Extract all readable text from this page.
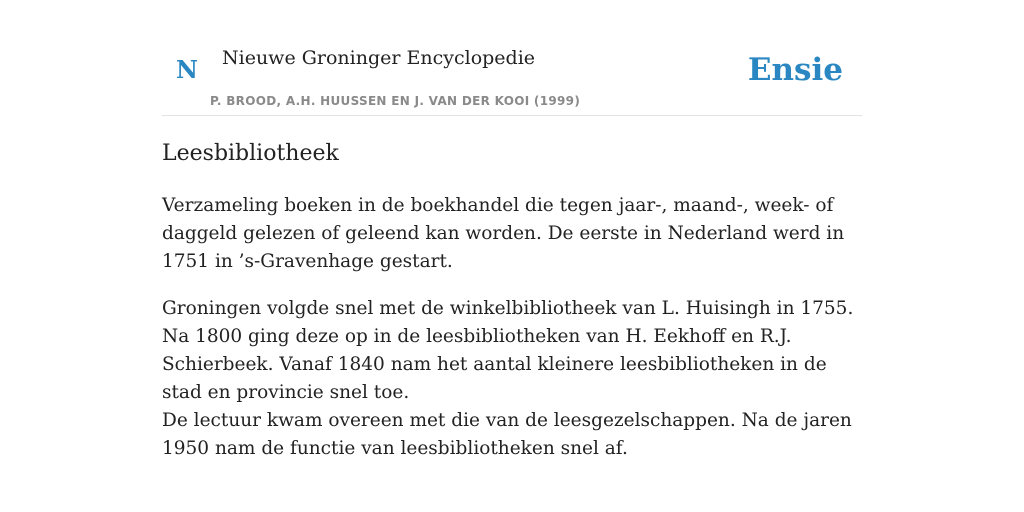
N Nieuwe Groninger Encyclopedie
P. BROOD, A.H. HUUSSEN EN J. VAN DER KOOI (1999)
Ensie
Leesbibliotheek

Verzameling boeken in de boekhandel die tegen jaar-, maand-, week- of daggeld gelezen of geleend kan worden. De eerste in Nederland werd in 1751 in ’s-Gravenhage gestart.

Groningen volgde snel met de winkelbibliotheek van L. Huisingh in 1755. Na 1800 ging deze op in de leesbibliotheken van H. Eekhoff en R.J. Schierbeek. Vanaf 1840 nam het aantal kleinere leesbibliotheken in de stad en provincie snel toe.

De lectuur kwam overeen met die van de leesgezelschappen. Na de jaren 1950 nam de functie van leesbibliotheken snel af.
